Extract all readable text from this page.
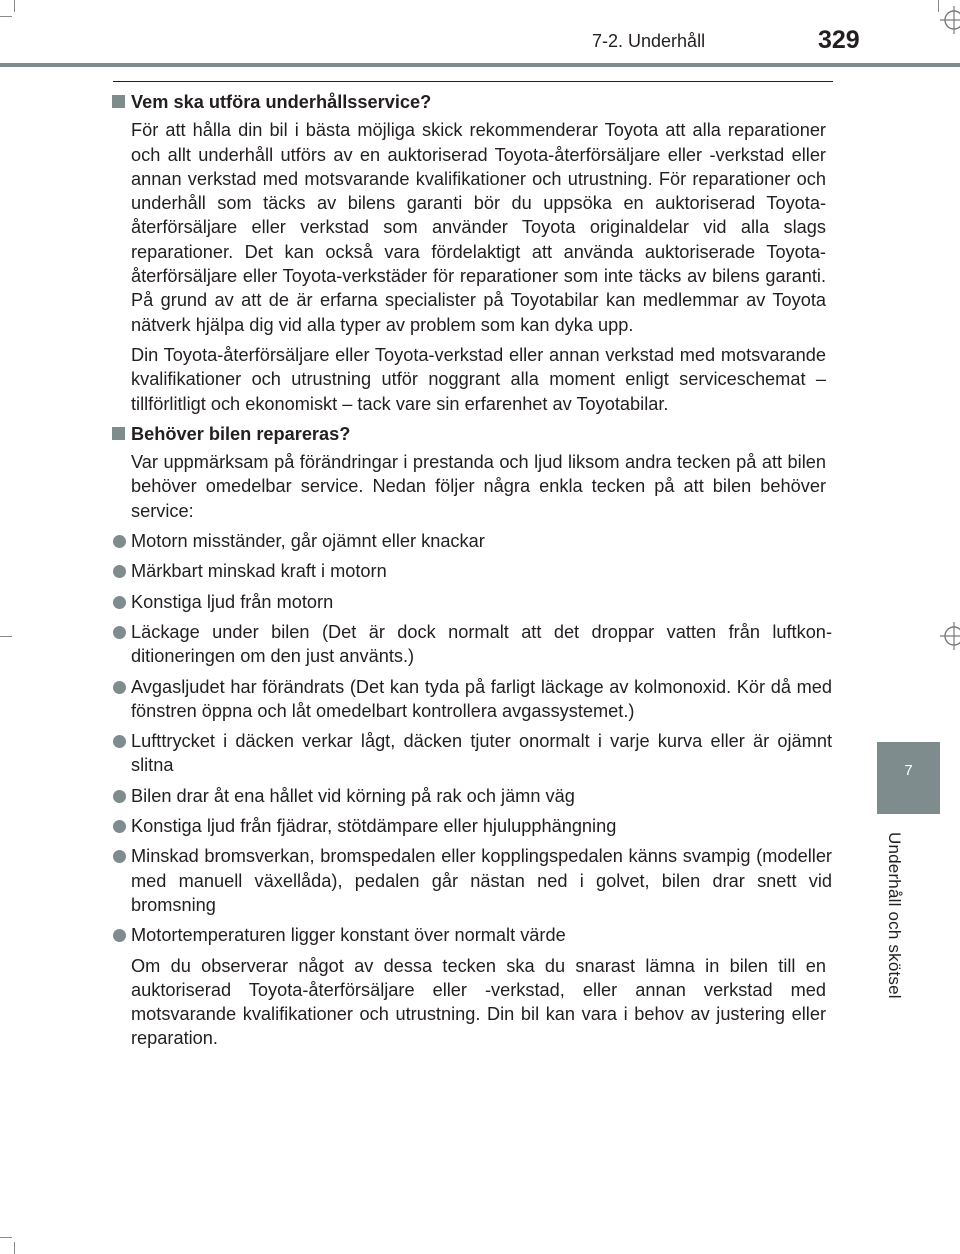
7-2. Underhåll	329
7
Underhåll och skötsel
Vem ska utföra underhållsservice?

För att hålla din bil i bästa möjliga skick rekommenderar Toyota att alla reparationer och allt underhåll utförs av en auktoriserad Toyota-återförsäljare eller -verkstad eller annan verkstad med motsvarande kvalifikationer och utrustning. För reparationer och underhåll som täcks av bilens garanti bör du uppsöka en auktoriserad Toyota-återförsäljare eller verkstad som använder Toyota originaldelar vid alla slags reparationer. Det kan också vara fördelaktigt att använda auktoriserade Toyota-återförsäljare eller Toyota-verkstäder för reparationer som inte täcks av bilens garanti. På grund av att de är erfarna specialister på Toyotabilar kan medlemmar av Toyota nätverk hjälpa dig vid alla typer av problem som kan dyka upp.

Din Toyota-återförsäljare eller Toyota-verkstad eller annan verkstad med motsvarande kvalifikationer och utrustning utför noggrant alla moment enligt serviceschemat – tillförlitligt och ekonomiskt – tack vare sin erfarenhet av Toyotabilar.

Behöver bilen repareras?

Var uppmärksam på förändringar i prestanda och ljud liksom andra tecken på att bilen behöver omedelbar service. Nedan följer några enkla tecken på att bilen behöver service:

Motorn misständer, går ojämnt eller knackar
Märkbart minskad kraft i motorn
Konstiga ljud från motorn
Läckage under bilen (Det är dock normalt att det droppar vatten från luftkonditioneringen om den just använts.)
Avgasljudet har förändrats (Det kan tyda på farligt läckage av kolmonoxid. Kör då med fönstren öppna och låt omedelbart kontrollera avgassystemet.)
Lufttrycket i däcken verkar lågt, däcken tjuter onormalt i varje kurva eller är ojämnt slitna
Bilen drar åt ena hållet vid körning på rak och jämn väg
Konstiga ljud från fjädrar, stötdämpare eller hjulupphängning
Minskad bromsverkan, bromspedalen eller kopplingspedalen känns svampig (modeller med manuell växellåda), pedalen går nästan ned i golvet, bilen drar snett vid bromsning
Motortemperaturen ligger konstant över normalt värde

Om du observerar något av dessa tecken ska du snarast lämna in bilen till en auktoriserad Toyota-återförsäljare eller -verkstad, eller annan verkstad med motsvarande kvalifikationer och utrustning. Din bil kan vara i behov av justering eller reparation.
